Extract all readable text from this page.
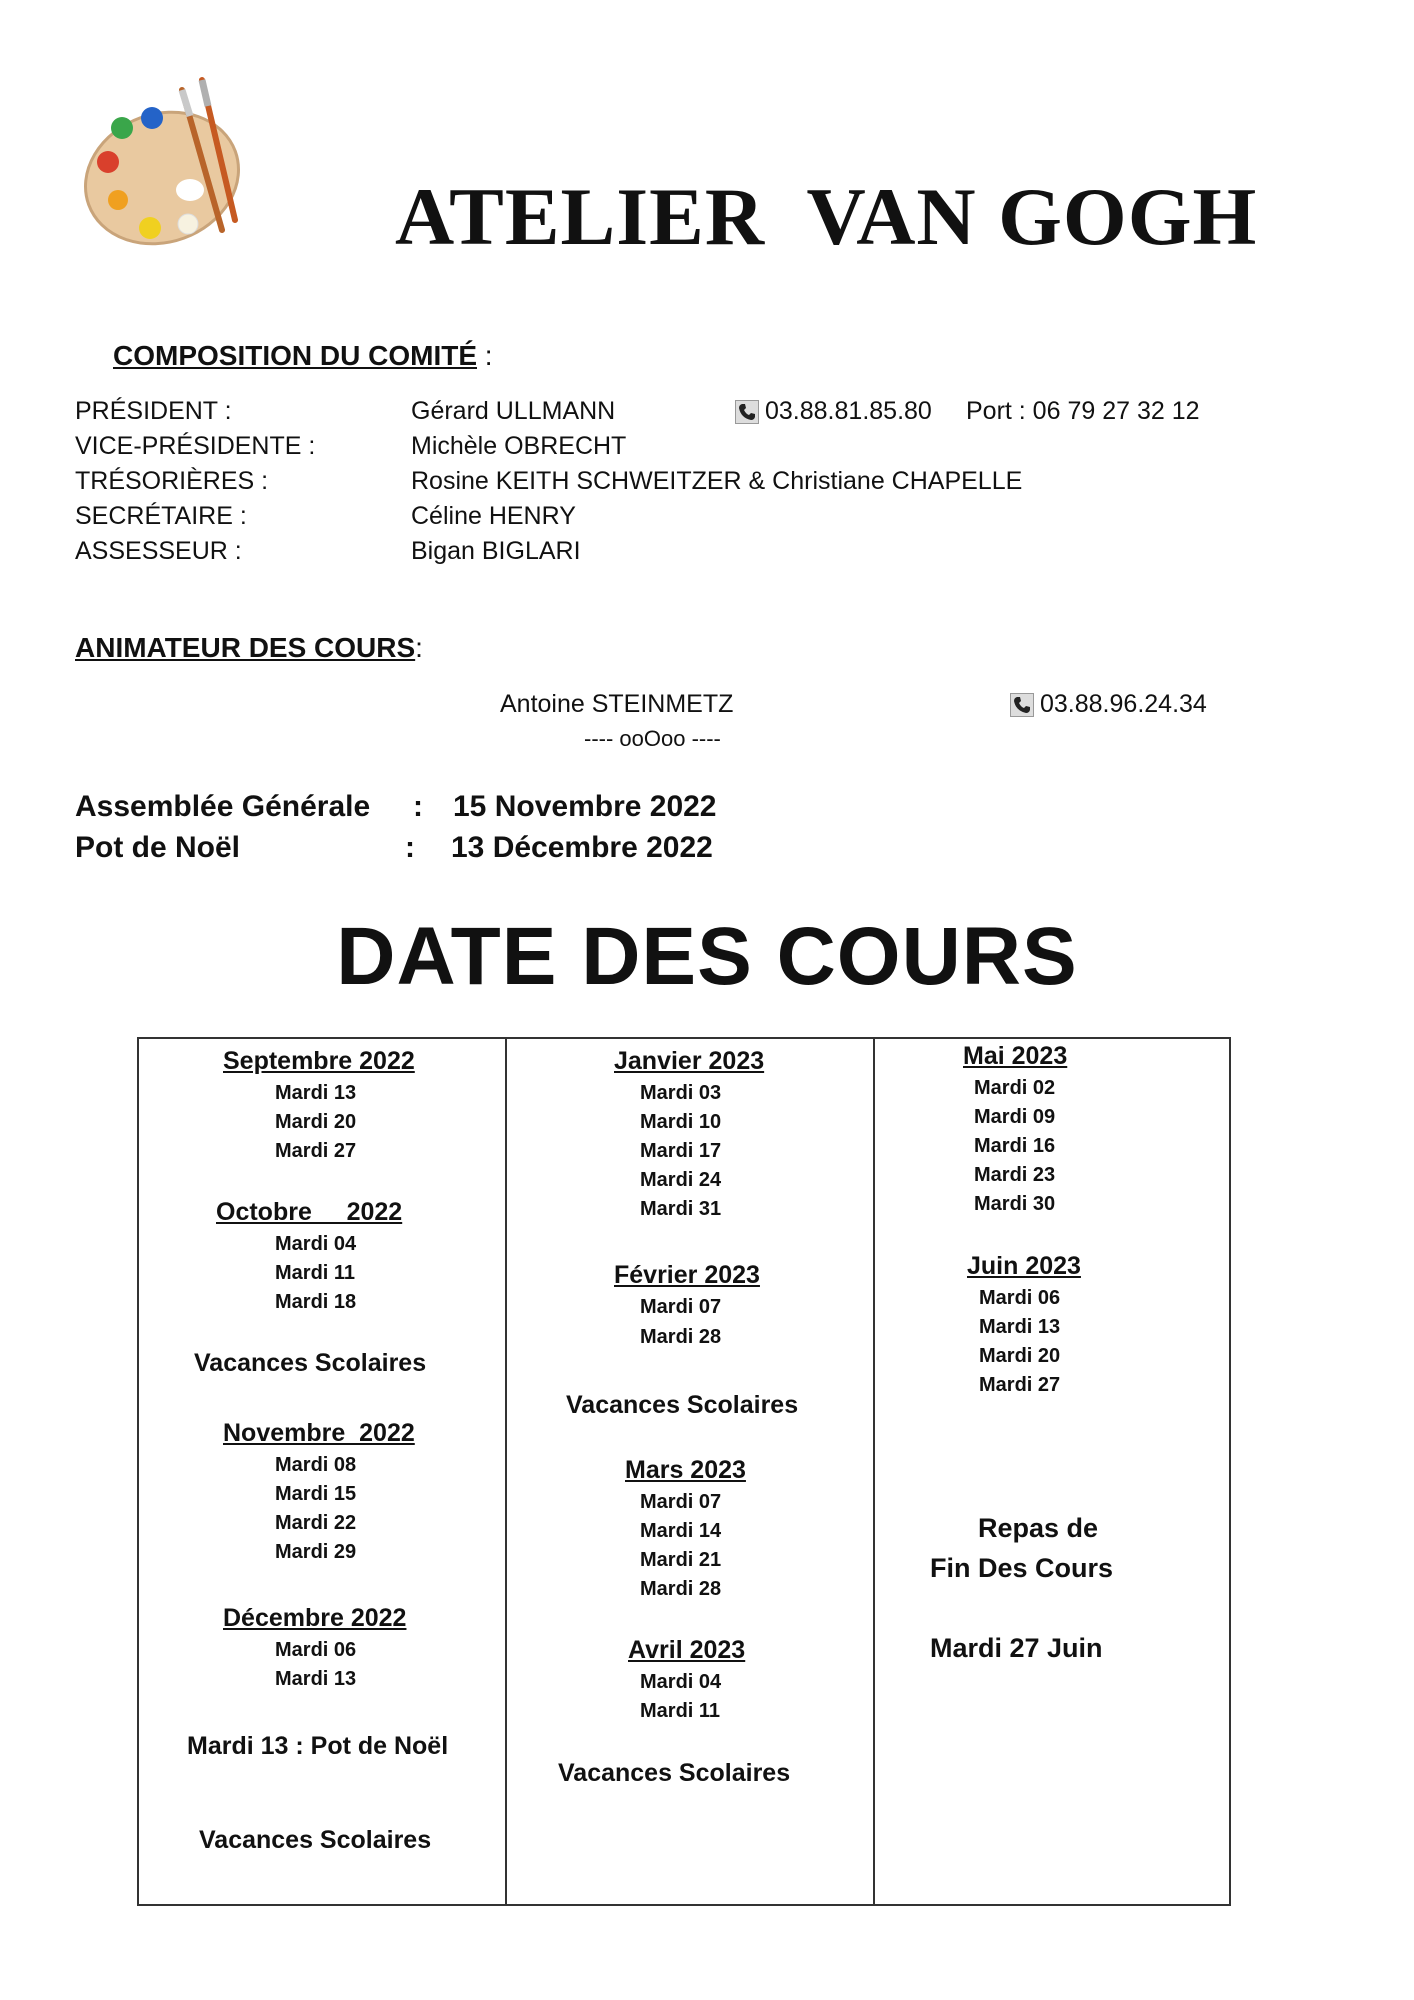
ATELIER  VAN GOGH
COMPOSITION DU COMITÉ :
PRÉSIDENT :	Gérard ULLMANN	03.88.81.85.80 Port : 06 79 27 32 12
VICE-PRÉSIDENTE :	Michèle OBRECHT
TRÉSORIÈRES :	Rosine KEITH SCHWEITZER & Christiane CHAPELLE
SECRÉTAIRE :	Céline HENRY
ASSESSEUR :	Bigan BIGLARI
ANIMATEUR DES COURS:
Antoine STEINMETZ	03.88.96.24.34
---- ooOoo ----
Assemblée Générale : 15 Novembre 2022
Pot de Noël	: 13 Décembre 2022
DATE DES COURS
Septembre 2022
Mardi 13
Mardi 20
Mardi 27
Octobre     2022
Mardi 04
Mardi 11
Mardi 18
Vacances Scolaires
Novembre  2022
Mardi 08
Mardi 15
Mardi 22
Mardi 29
Décembre 2022
Mardi 06
Mardi 13
Mardi 13 : Pot de Noël
Vacances Scolaires
Janvier 2023
Mardi 03
Mardi 10
Mardi 17
Mardi 24
Mardi 31
Février 2023
Mardi 07
Mardi 28
Vacances Scolaires
Mars 2023
Mardi 07
Mardi 14
Mardi 21
Mardi 28
Avril 2023
Mardi 04
Mardi 11
Vacances Scolaires
Mai 2023
Mardi 02
Mardi 09
Mardi 16
Mardi 23
Mardi 30
Juin 2023
Mardi 06
Mardi 13
Mardi 20
Mardi 27
Repas de
Fin Des Cours
Mardi 27 Juin
